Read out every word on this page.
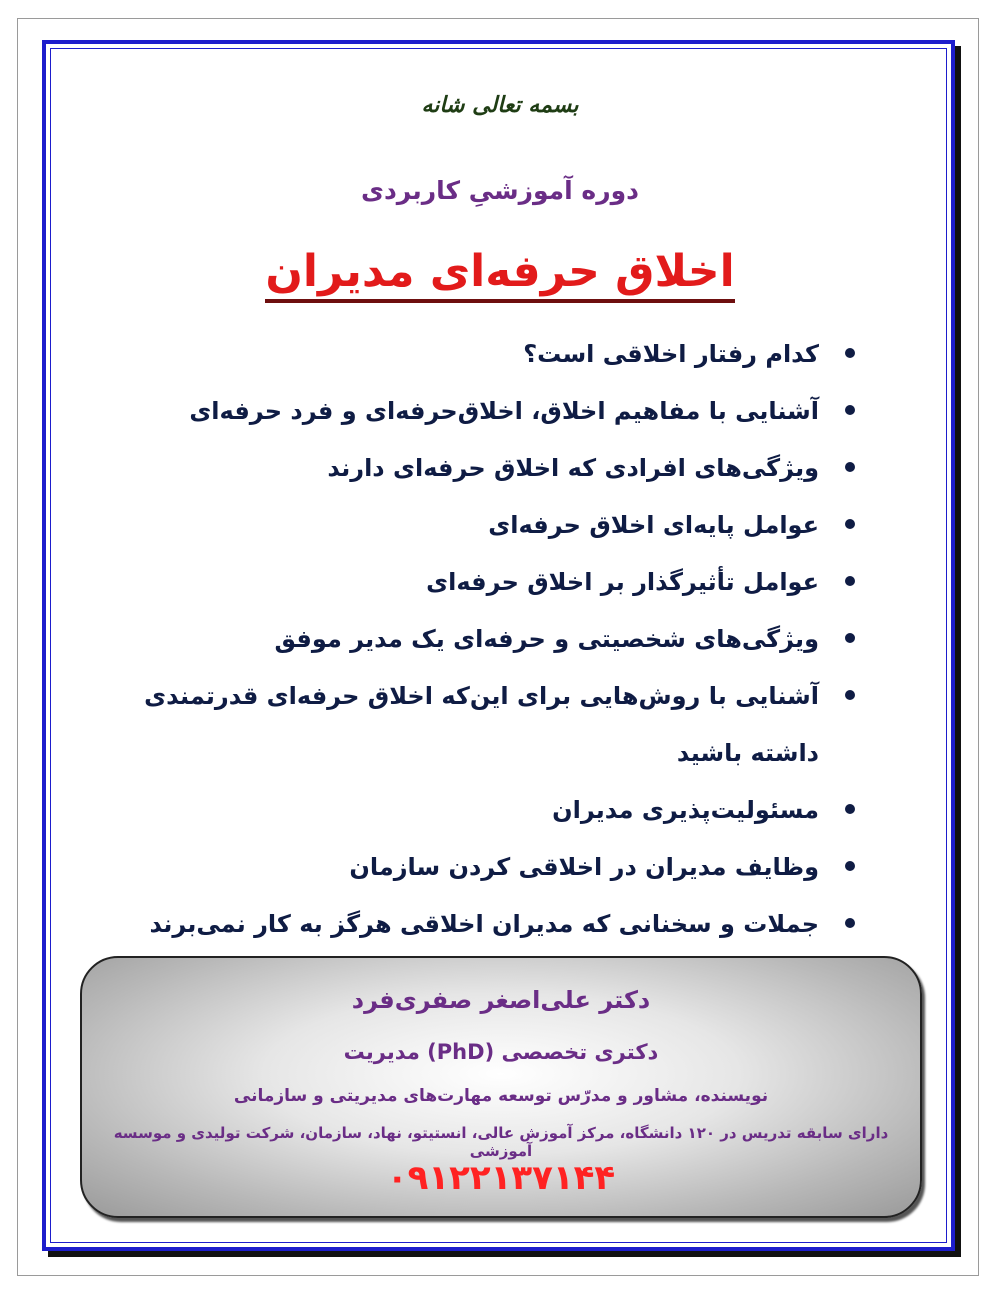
بسمه تعالی شانه
دوره آموزشیِ کاربردی
اخلاق حرفه‌ای مدیران
کدام رفتار اخلاقی است؟
آشنایی با مفاهیم اخلاق، اخلاق‌حرفه‌ای و فرد حرفه‌ای
ویژگی‌های افرادی که اخلاق حرفه‌ای دارند
عوامل پایه‌ای اخلاق حرفه‌ای
عوامل تأثیرگذار بر اخلاق حرفه‌ای
ویژگی‌های شخصیتی و حرفه‌ای یک مدیر موفق
آشنایی با روش‌هایی برای این‌که اخلاق حرفه‌ای قدرتمندی داشته باشید
مسئولیت‌پذیری مدیران
وظایف مدیران در اخلاقی کردن سازمان
جملات و سخنانی که مدیران اخلاقی هرگز به کار نمی‌برند
دکتر علی‌اصغر صفری‌فرد
دکتری تخصصی (PhD) مدیریت
نویسنده، مشاور و مدرّس توسعه مهارت‌های مدیریتی و سازمانی
دارای سابقه تدریس در ۱۲۰ دانشگاه، مرکز آموزش عالی، انستیتو، نهاد، سازمان، شرکت تولیدی و موسسه آموزشی
۰۹۱۲۲۱۳۷۱۴۴
